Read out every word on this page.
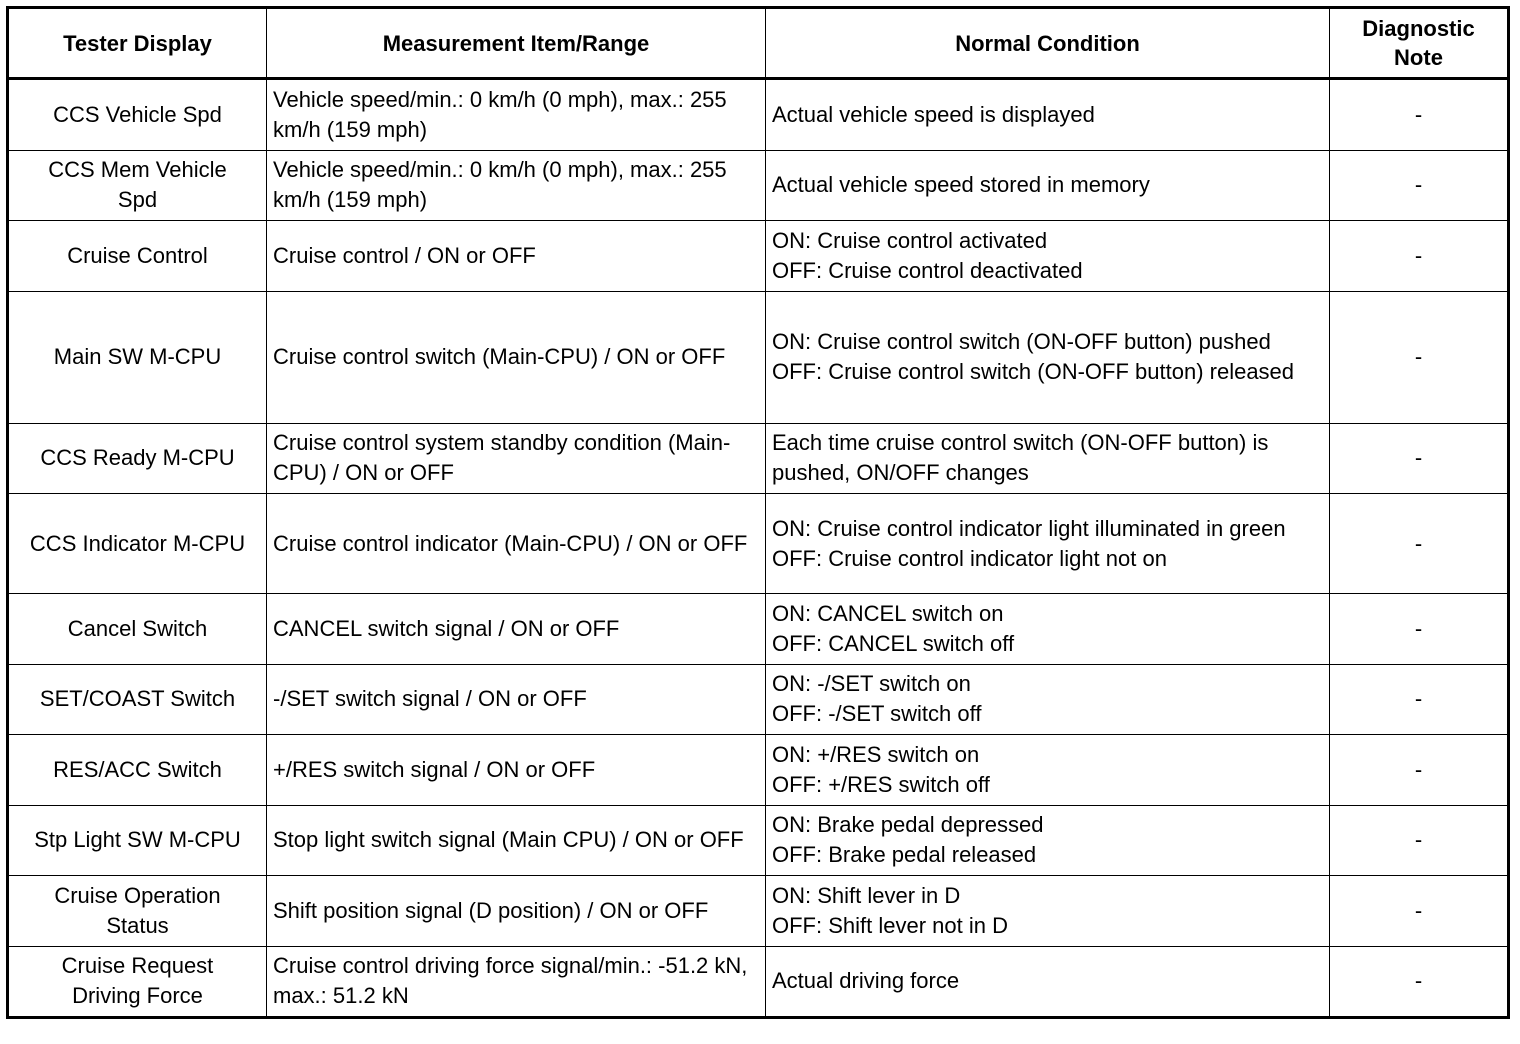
Tester Display	Measurement Item/Range	Normal Condition	Diagnostic Note
CCS Vehicle Spd	Vehicle speed/min.: 0 km/h (0 mph), max.: 255 km/h (159 mph)	Actual vehicle speed is displayed	-
CCS Mem Vehicle Spd	Vehicle speed/min.: 0 km/h (0 mph), max.: 255 km/h (159 mph)	Actual vehicle speed stored in memory	-
Cruise Control	Cruise control / ON or OFF	ON: Cruise control activated
OFF: Cruise control deactivated	-
Main SW M-CPU	Cruise control switch (Main-CPU) / ON or OFF	ON: Cruise control switch (ON-OFF button) pushed
OFF: Cruise control switch (ON-OFF button) released	-
CCS Ready M-CPU	Cruise control system standby condition (Main-CPU) / ON or OFF	Each time cruise control switch (ON-OFF button) is pushed, ON/OFF changes	-
CCS Indicator M-CPU	Cruise control indicator (Main-CPU) / ON or OFF	ON: Cruise control indicator light illuminated in green
OFF: Cruise control indicator light not on	-
Cancel Switch	CANCEL switch signal / ON or OFF	ON: CANCEL switch on
OFF: CANCEL switch off	-
SET/COAST Switch	-/SET switch signal / ON or OFF	ON: -/SET switch on
OFF: -/SET switch off	-
RES/ACC Switch	+/RES switch signal / ON or OFF	ON: +/RES switch on
OFF: +/RES switch off	-
Stp Light SW M-CPU	Stop light switch signal (Main CPU) / ON or OFF	ON: Brake pedal depressed
OFF: Brake pedal released	-
Cruise Operation Status	Shift position signal (D position) / ON or OFF	ON: Shift lever in D
OFF: Shift lever not in D	-
Cruise Request Driving Force	Cruise control driving force signal/min.: -51.2 kN, max.: 51.2 kN	Actual driving force	-
